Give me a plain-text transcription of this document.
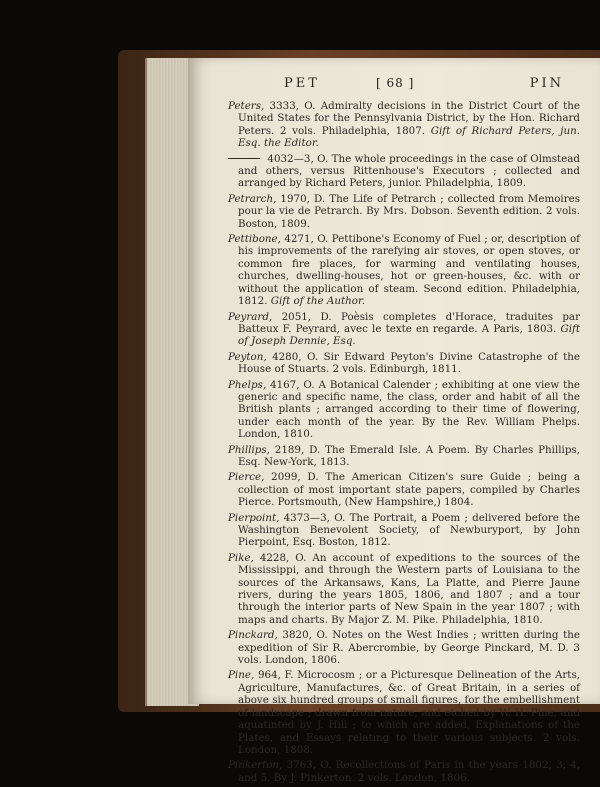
PET	[ 68 ]	PIN

Peters, 3333, O. Admiralty decisions in the District Court of the United States for the Pennsylvania District, by the Hon. Richard Peters. 2 vols. Philadelphia, 1807. Gift of Richard Peters, jun. Esq. the Editor.

4032—3, O. The whole proceedings in the case of Olmstead and others, versus Rittenhouse's Executors ; collected and arranged by Richard Peters, junior. Philadelphia, 1809.

Petrarch, 1970, D. The Life of Petrarch ; collected from Memoires pour la vie de Petrarch. By Mrs. Dobson. Seventh edition. 2 vols. Boston, 1809.

Pettibone, 4271, O. Pettibone's Economy of Fuel ; or, description of his improvements of the rarefying air stoves, or open stoves, or common fire places, for warming and ventilating houses, churches, dwelling-houses, hot or green-houses, &c. with or without the application of steam. Second edition. Philadelphia, 1812. Gift of the Author.

Peyrard, 2051, D. Poèsis completes d'Horace, traduites par Batteux F. Peyrard, avec le texte en regarde. A Paris, 1803. Gift of Joseph Dennie, Esq.

Peyton, 4280, O. Sir Edward Peyton's Divine Catastrophe of the House of Stuarts. 2 vols. Edinburgh, 1811.

Phelps, 4167, O. A Botanical Calender ; exhibiting at one view the generic and specific name, the class, order and habit of all the British plants ; arranged according to their time of flowering, under each month of the year. By the Rev. William Phelps. London, 1810.

Phillips, 2189, D. The Emerald Isle. A Poem. By Charles Phillips, Esq. New-York, 1813.

Pierce, 2099, D. The American Citizen's sure Guide ; being a collection of most important state papers, compiled by Charles Pierce. Portsmouth, (New Hampshire,) 1804.

Pierpoint, 4373—3, O. The Portrait, a Poem ; delivered before the Washington Benevolent Society, of Newburyport, by John Pierpoint, Esq. Boston, 1812.

Pike, 4228, O. An account of expeditions to the sources of the Mississippi, and through the Western parts of Louisiana to the sources of the Arkansaws, Kans, La Platte, and Pierre Jaune rivers, during the years 1805, 1806, and 1807 ; and a tour through the interior parts of New Spain in the year 1807 ; with maps and charts. By Major Z. M. Pike. Philadelphia, 1810.

Pinckard, 3820, O. Notes on the West Indies ; written during the expedition of Sir R. Abercrombie, by George Pinckard, M. D. 3 vols. London, 1806.

Pine, 964, F. Microcosm ; or a Picturesque Delineation of the Arts, Agriculture, Manufactures, &c. of Great Britain, in a series of above six hundred groups of small figures, for the embellishment of landscape ; drawn from nature, and etched by W. H. Pine, and aquatinted by J. Hill ; to which are added, Explanations of the Plates, and Essays relating to their various subjects. 2 vols. London, 1808.

Pinkerton, 3763, O. Recollections of Paris in the years 1802, 3, 4, and 5. By J. Pinkerton. 2 vols. London, 1806.
